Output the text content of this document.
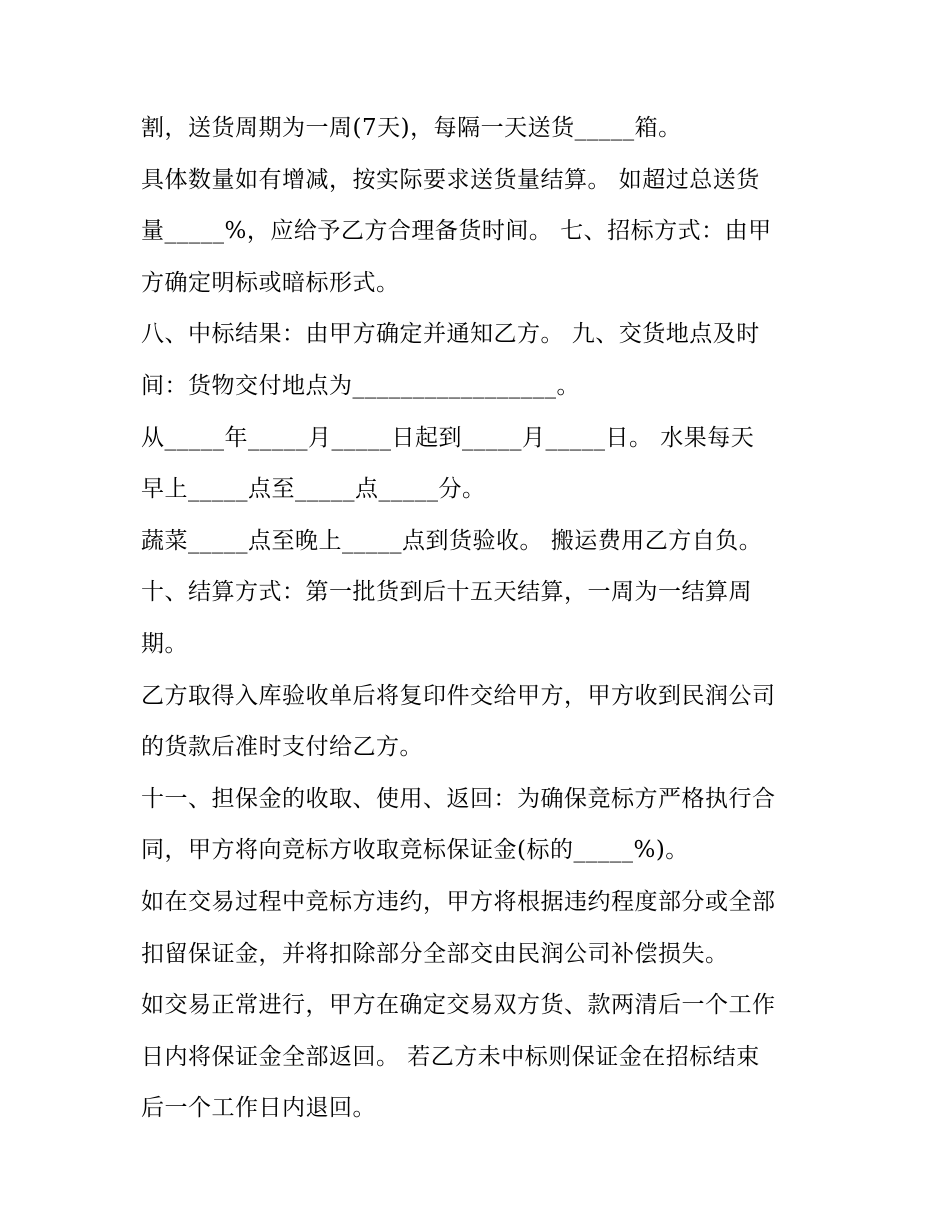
割，送货周期为一周(7天)，每隔一天送货_____箱。
具体数量如有增减，按实际要求送货量结算。 如超过总送货
量_____%，应给予乙方合理备货时间。 七、招标方式：由甲
方确定明标或暗标形式。
八、中标结果：由甲方确定并通知乙方。 九、交货地点及时
间：货物交付地点为_________________。
从_____年_____月_____日起到_____月_____日。 水果每天
早上_____点至_____点_____分。
蔬菜_____点至晚上_____点到货验收。 搬运费用乙方自负。
十、结算方式：第一批货到后十五天结算，一周为一结算周
期。
乙方取得入库验收单后将复印件交给甲方，甲方收到民润公司
的货款后准时支付给乙方。
十一、担保金的收取、使用、返回：为确保竞标方严格执行合
同，甲方将向竞标方收取竞标保证金(标的_____%)。
如在交易过程中竞标方违约，甲方将根据违约程度部分或全部
扣留保证金，并将扣除部分全部交由民润公司补偿损失。
如交易正常进行，甲方在确定交易双方货、款两清后一个工作
日内将保证金全部返回。 若乙方未中标则保证金在招标结束
后一个工作日内退回。
